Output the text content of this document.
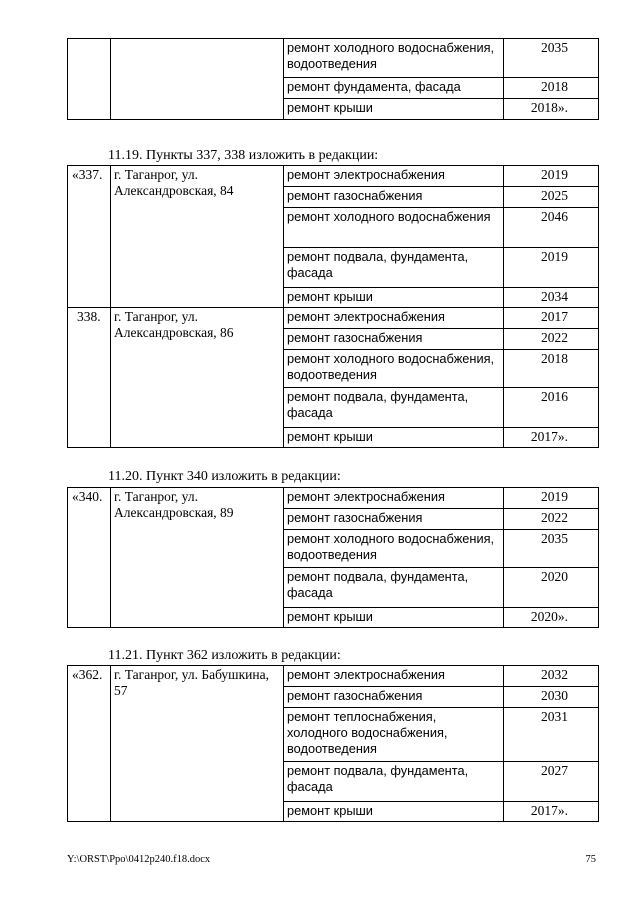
		ремонт холодного водоснабжения, водоотведения	2035
		ремонт фундамента, фасада	2018
		ремонт крыши	2018».
11.19. Пункты 337, 338 изложить в редакции:
«337.	г. Таганрог, ул. Александровская, 84	ремонт электроснабжения	2019
		ремонт газоснабжения	2025
		ремонт холодного водоснабжения	2046
		ремонт подвала, фундамента, фасада	2019
		ремонт крыши	2034
338.	г. Таганрог, ул. Александровская, 86	ремонт электроснабжения	2017
		ремонт газоснабжения	2022
		ремонт холодного водоснабжения, водоотведения	2018
		ремонт подвала, фундамента, фасада	2016
		ремонт крыши	2017».
11.20. Пункт 340 изложить в редакции:
«340.	г. Таганрог, ул. Александровская, 89	ремонт электроснабжения	2019
		ремонт газоснабжения	2022
		ремонт холодного водоснабжения, водоотведения	2035
		ремонт подвала, фундамента, фасада	2020
		ремонт крыши	2020».
11.21. Пункт 362 изложить в редакции:
«362.	г. Таганрог, ул. Бабушкина, 57	ремонт электроснабжения	2032
		ремонт газоснабжения	2030
		ремонт теплоснабжения, холодного водоснабжения, водоотведения	2031
		ремонт подвала, фундамента, фасада	2027
		ремонт крыши	2017».
Y:\ORST\Ppo\0412p240.f18.docx	75
